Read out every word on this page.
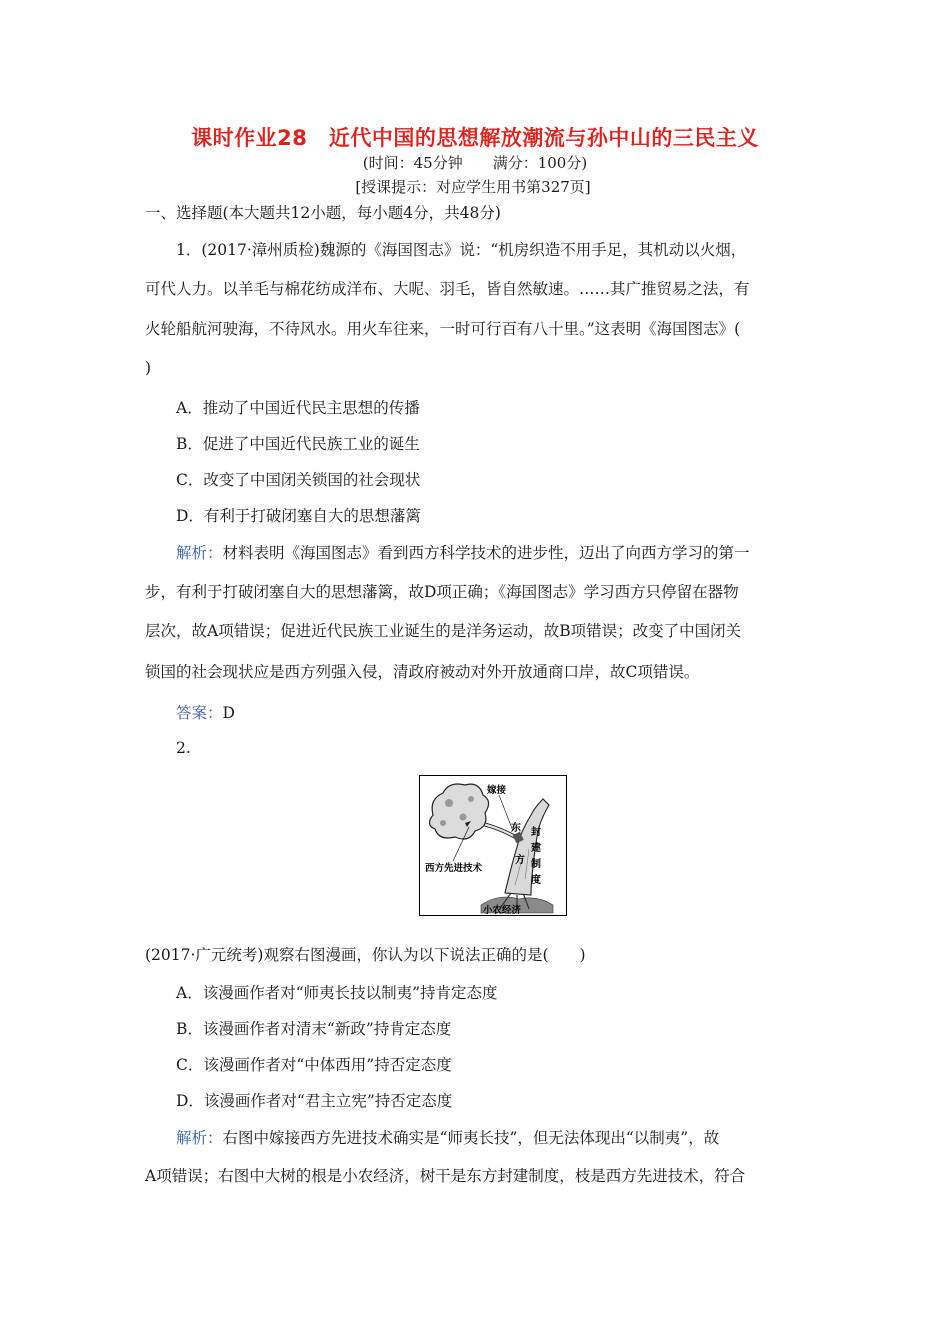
课时作业28　近代中国的思想解放潮流与孙中山的三民主义
(时间：45分钟　　满分：100分)
[授课提示：对应学生用书第327页]
一、选择题(本大题共12小题，每小题4分，共48分)
1．(2017·漳州质检)魏源的《海国图志》说：“机房织造不用手足，其机动以火烟，
可代人力。以羊毛与棉花纺成洋布、大呢、羽毛，皆自然敏速。……其广推贸易之法，有
火轮船航河驶海，不待风水。用火车往来，一时可行百有八十里。”这表明《海国图志》(
)
A．推动了中国近代民主思想的传播
B．促进了中国近代民族工业的诞生
C．改变了中国闭关锁国的社会现状
D．有利于打破闭塞自大的思想藩篱
解析：材料表明《海国图志》看到西方科学技术的进步性，迈出了向西方学习的第一
步，有利于打破闭塞自大的思想藩篱，故D项正确；《海国图志》学习西方只停留在器物
层次，故A项错误；促进近代民族工业诞生的是洋务运动，故B项错误；改变了中国闭关
锁国的社会现状应是西方列强入侵，清政府被动对外开放通商口岸，故C项错误。
答案：D
2.
嫁接
东
方
封
建
制
度
西方先进技术
小农经济
(2017·广元统考)观察右图漫画，你认为以下说法正确的是(　　)
A．该漫画作者对“师夷长技以制夷”持肯定态度
B．该漫画作者对清末“新政”持肯定态度
C．该漫画作者对“中体西用”持否定态度
D．该漫画作者对“君主立宪”持否定态度
解析：右图中嫁接西方先进技术确实是“师夷长技”，但无法体现出“以制夷”，故
A项错误；右图中大树的根是小农经济，树干是东方封建制度，枝是西方先进技术，符合
